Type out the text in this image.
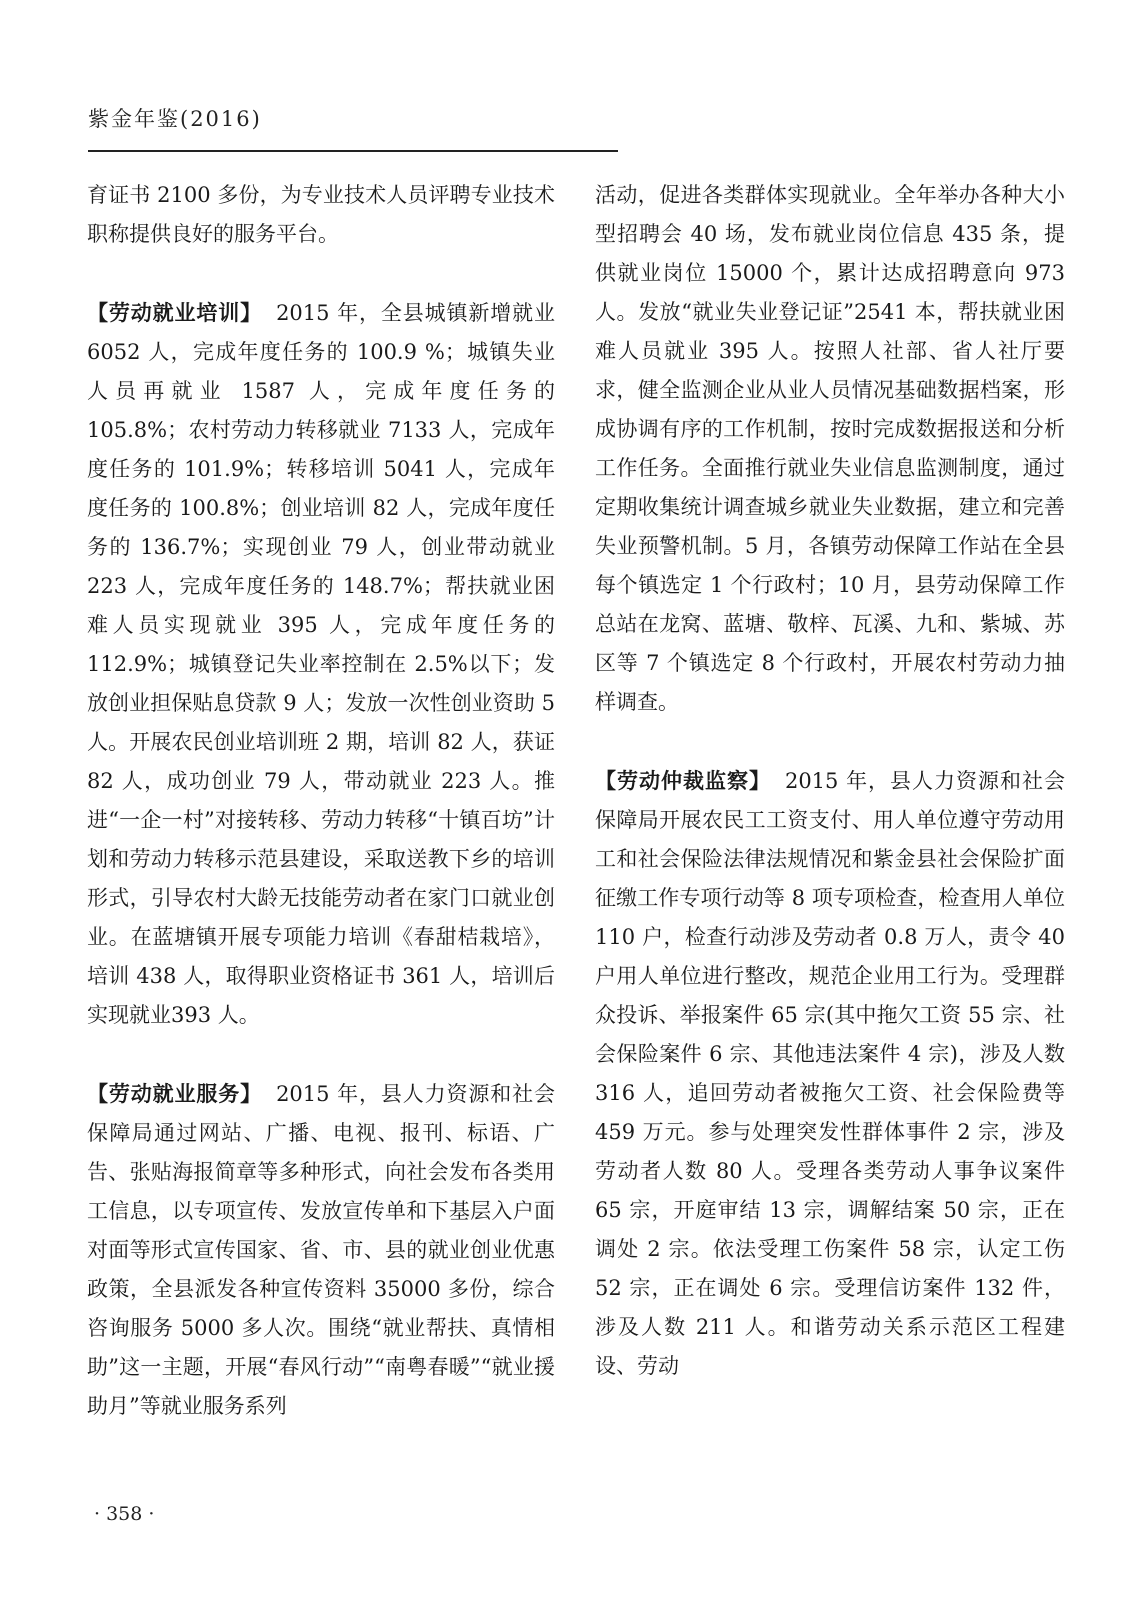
紫金年鉴(2016)

育证书 2100 多份，为专业技术人员评聘专业技术职称提供良好的服务平台。

【劳动就业培训】 2015 年，全县城镇新增就业 6052 人，完成年度任务的 100.9 %；城镇失业人员再就业 1587 人，完成年度任务的 105.8%；农村劳动力转移就业 7133 人，完成年度任务的 101.9%；转移培训 5041 人，完成年度任务的 100.8%；创业培训 82 人，完成年度任务的 136.7%；实现创业 79 人，创业带动就业 223 人，完成年度任务的 148.7%；帮扶就业困难人员实现就业 395 人，完成年度任务的 112.9%；城镇登记失业率控制在 2.5%以下；发放创业担保贴息贷款 9 人；发放一次性创业资助 5 人。开展农民创业培训班 2 期，培训 82 人，获证 82 人，成功创业 79 人，带动就业 223 人。推进“一企一村”对接转移、劳动力转移“十镇百坊”计划和劳动力转移示范县建设，采取送教下乡的培训形式，引导农村大龄无技能劳动者在家门口就业创业。在蓝塘镇开展专项能力培训《春甜桔栽培》，培训 438 人，取得职业资格证书 361 人，培训后实现就业393 人。

【劳动就业服务】 2015 年，县人力资源和社会保障局通过网站、广播、电视、报刊、标语、广告、张贴海报简章等多种形式，向社会发布各类用工信息，以专项宣传、发放宣传单和下基层入户面对面等形式宣传国家、省、市、县的就业创业优惠政策，全县派发各种宣传资料 35000 多份，综合咨询服务 5000 多人次。围绕“就业帮扶、真情相助”这一主题，开展“春风行动”“南粤春暖”“就业援助月”等就业服务系列

活动，促进各类群体实现就业。全年举办各种大小型招聘会 40 场，发布就业岗位信息 435 条，提供就业岗位 15000 个，累计达成招聘意向 973 人。发放“就业失业登记证”2541 本，帮扶就业困难人员就业 395 人。按照人社部、省人社厅要求，健全监测企业从业人员情况基础数据档案，形成协调有序的工作机制，按时完成数据报送和分析工作任务。全面推行就业失业信息监测制度，通过定期收集统计调查城乡就业失业数据，建立和完善失业预警机制。5 月，各镇劳动保障工作站在全县每个镇选定 1 个行政村；10 月，县劳动保障工作总站在龙窝、蓝塘、敬梓、瓦溪、九和、紫城、苏区等 7 个镇选定 8 个行政村，开展农村劳动力抽样调查。

【劳动仲裁监察】 2015 年，县人力资源和社会保障局开展农民工工资支付、用人单位遵守劳动用工和社会保险法律法规情况和紫金县社会保险扩面征缴工作专项行动等 8 项专项检查，检查用人单位 110 户，检查行动涉及劳动者 0.8 万人，责令 40 户用人单位进行整改，规范企业用工行为。受理群众投诉、举报案件 65 宗(其中拖欠工资 55 宗、社会保险案件 6 宗、其他违法案件 4 宗)，涉及人数 316 人，追回劳动者被拖欠工资、社会保险费等 459 万元。参与处理突发性群体事件 2 宗，涉及劳动者人数 80 人。受理各类劳动人事争议案件 65 宗，开庭审结 13 宗，调解结案 50 宗，正在调处 2 宗。依法受理工伤案件 58 宗，认定工伤 52 宗，正在调处 6 宗。受理信访案件 132 件，涉及人数 211 人。和谐劳动关系示范区工程建设、劳动

· 358 ·
